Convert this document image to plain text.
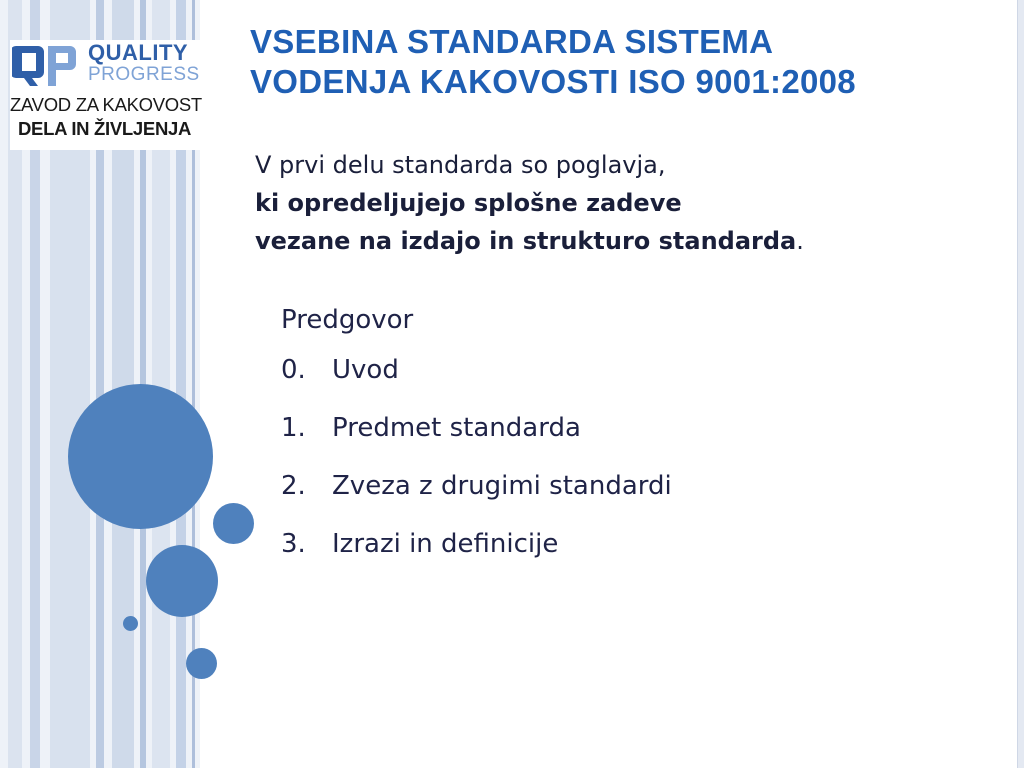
QUALITY
PROGRESS
ZAVOD ZA KAKOVOST
DELA IN ŽIVLJENJA
VSEBINA STANDARDA SISTEMA
VODENJA KAKOVOSTI ISO 9001:2008
V prvi delu standarda so poglavja,
ki opredeljujejo splošne zadeve
vezane na izdajo in strukturo standarda.
Predgovor
0. Uvod
1. Predmet standarda
2. Zveza z drugimi standardi
3. Izrazi in definicije
